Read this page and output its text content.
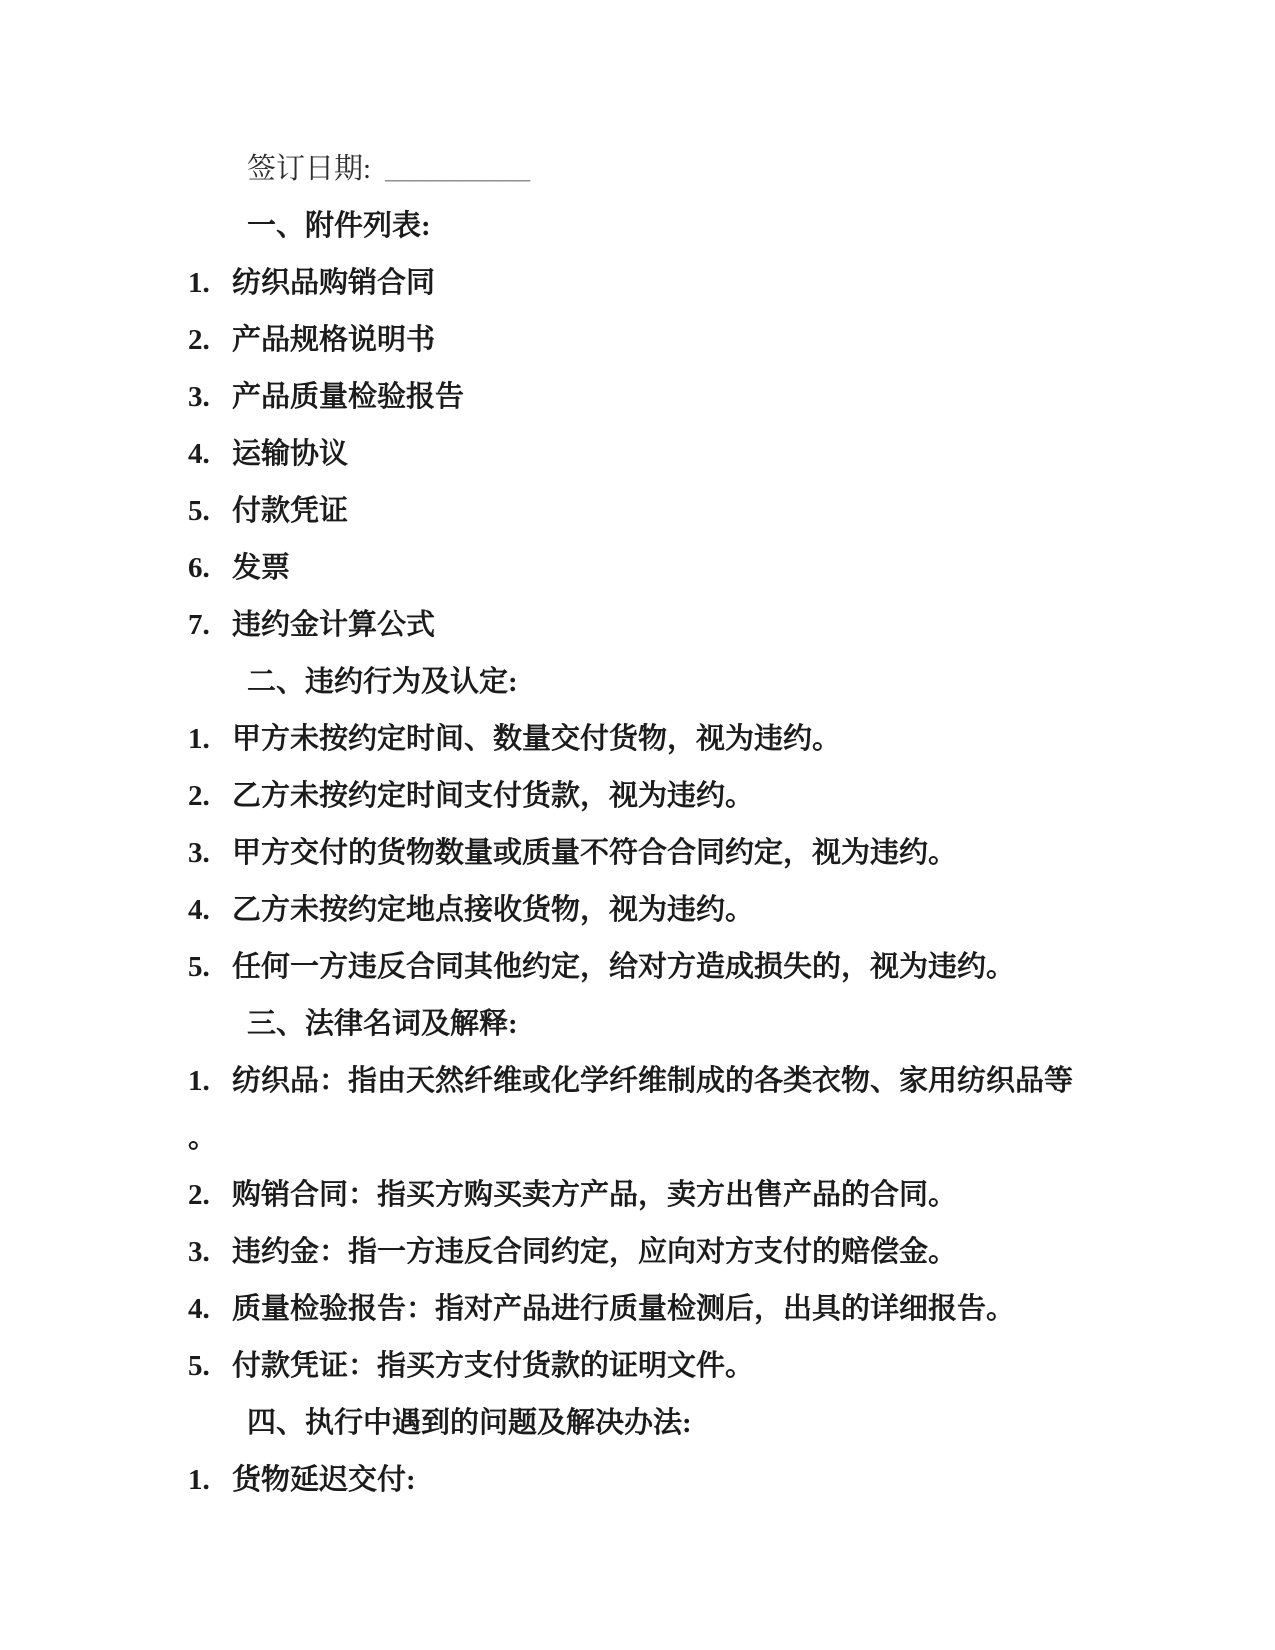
签订日期: __________
一、附件列表:
1. 纺织品购销合同
2. 产品规格说明书
3. 产品质量检验报告
4. 运输协议
5. 付款凭证
6. 发票
7. 违约金计算公式
二、违约行为及认定:
1. 甲方未按约定时间、数量交付货物，视为违约。
2. 乙方未按约定时间支付货款，视为违约。
3. 甲方交付的货物数量或质量不符合合同约定，视为违约。
4. 乙方未按约定地点接收货物，视为违约。
5. 任何一方违反合同其他约定，给对方造成损失的，视为违约。
三、法律名词及解释:
1. 纺织品：指由天然纤维或化学纤维制成的各类衣物、家用纺织品等
。
2. 购销合同：指买方购买卖方产品，卖方出售产品的合同。
3. 违约金：指一方违反合同约定，应向对方支付的赔偿金。
4. 质量检验报告：指对产品进行质量检测后，出具的详细报告。
5. 付款凭证：指买方支付货款的证明文件。
四、执行中遇到的问题及解决办法:
1. 货物延迟交付:
